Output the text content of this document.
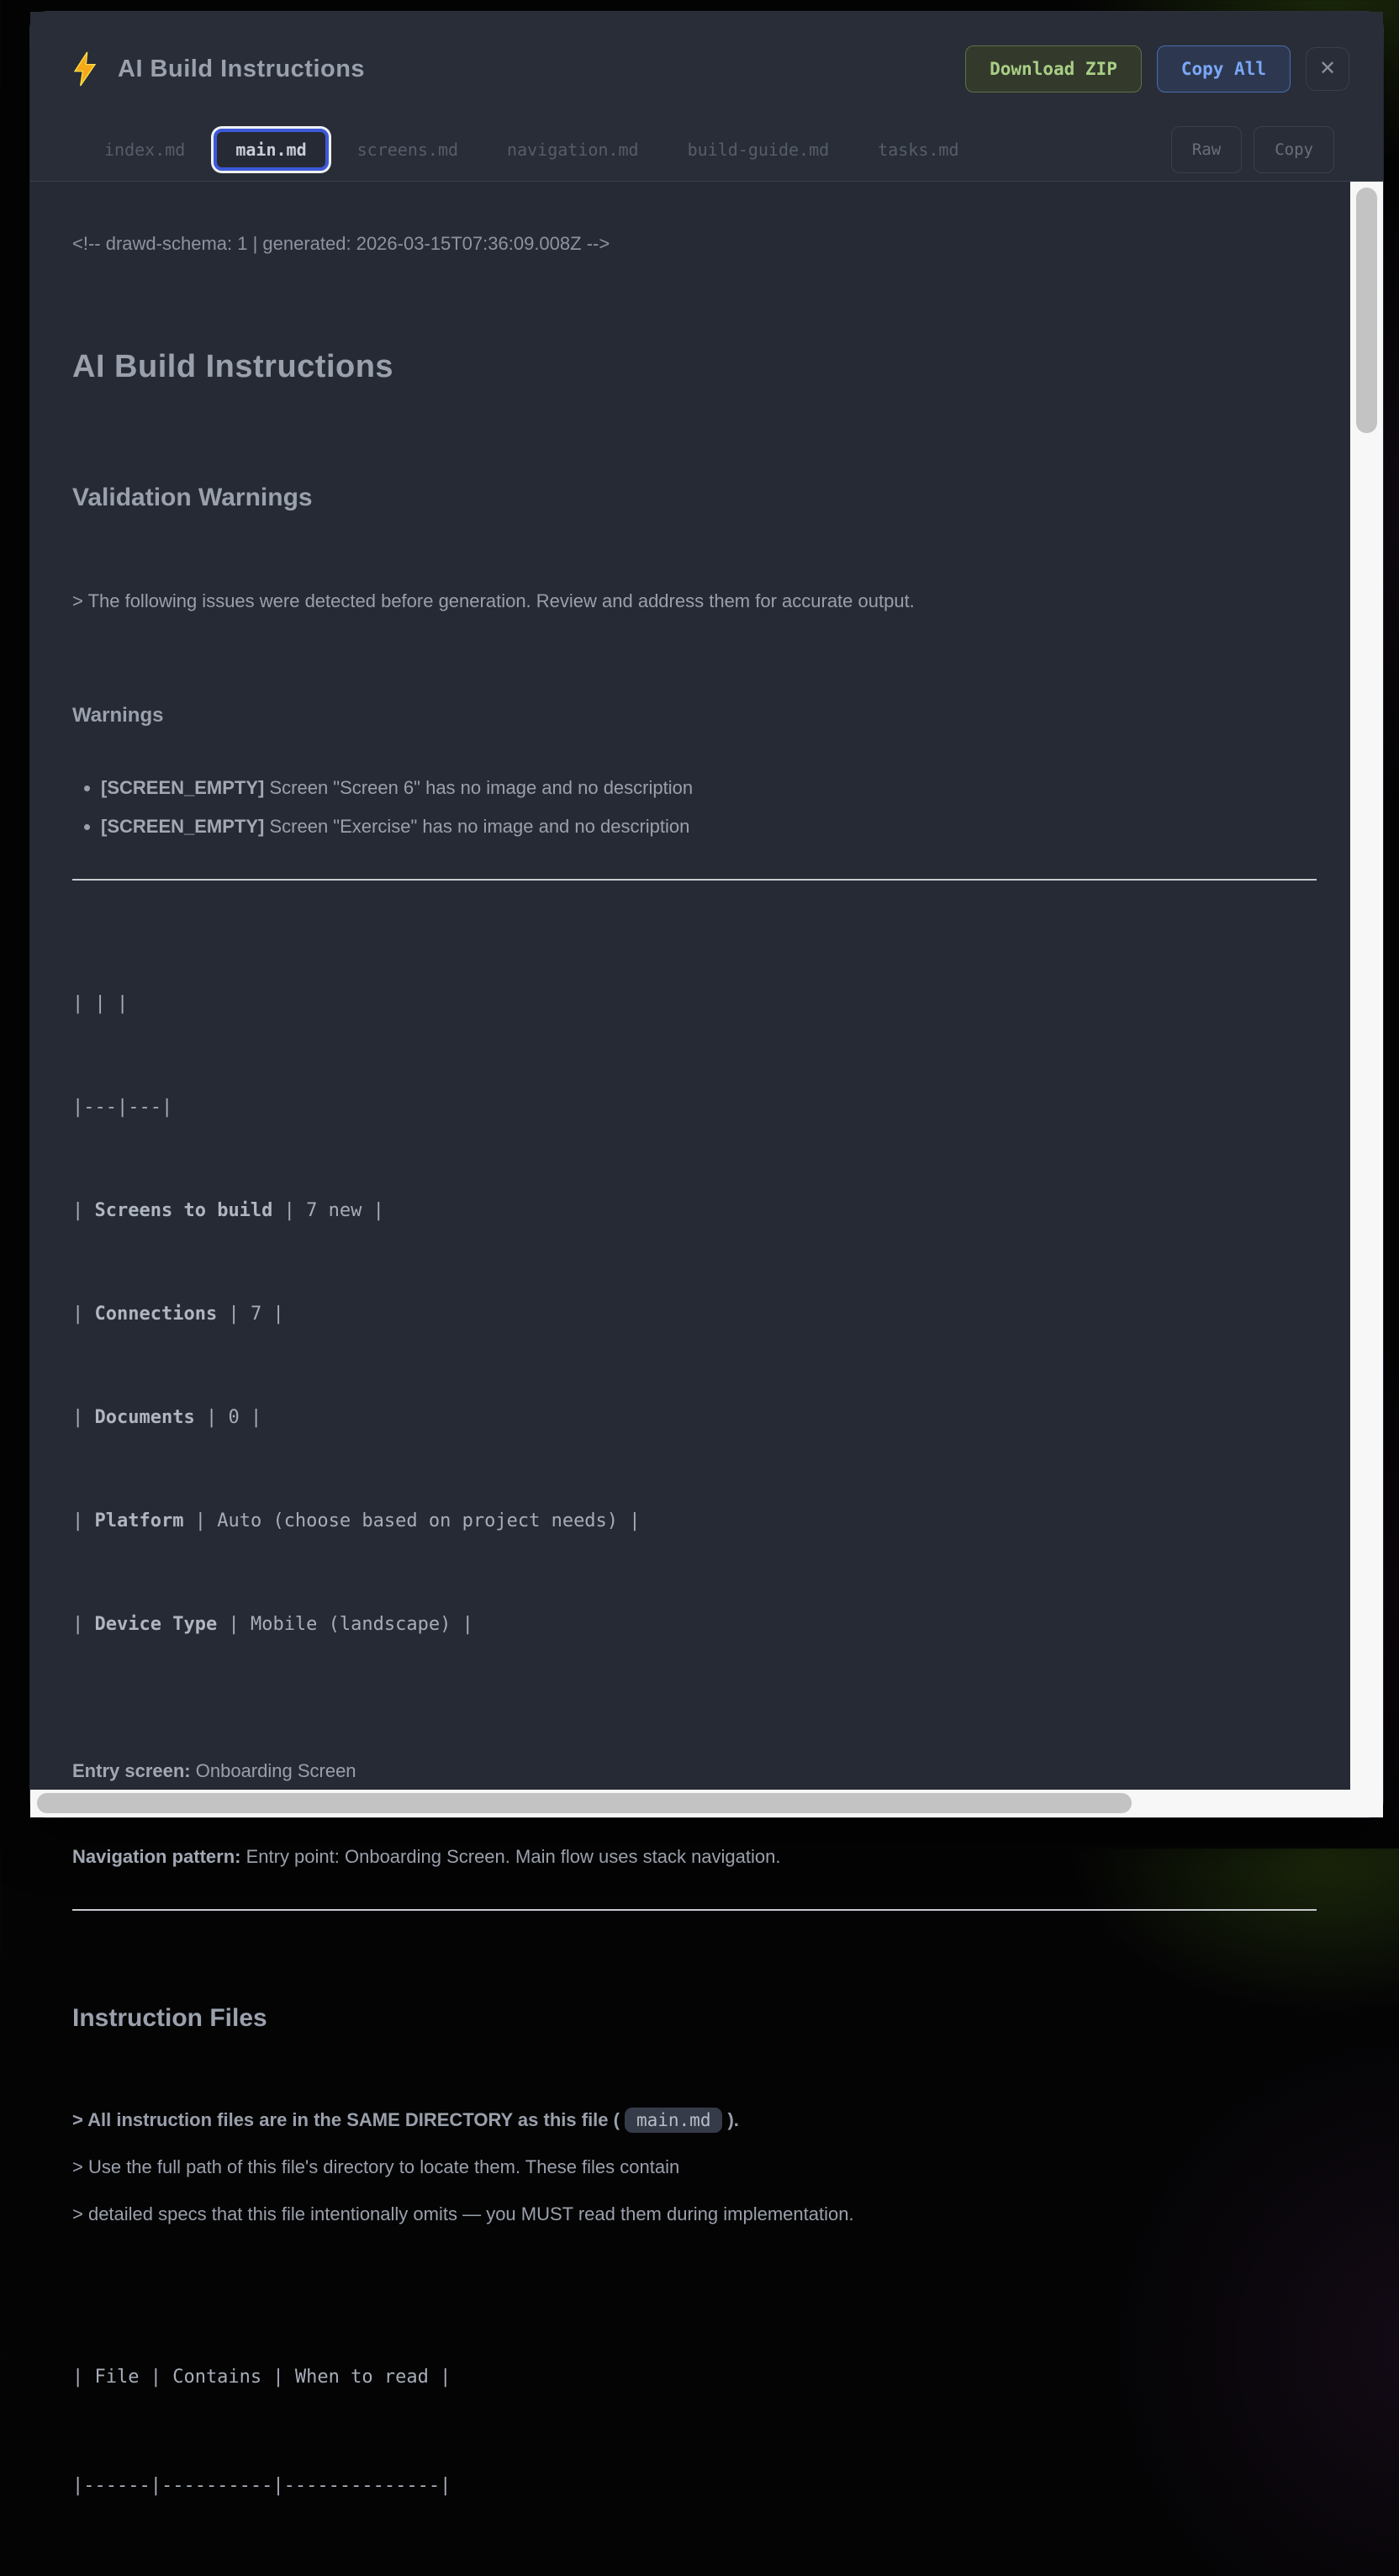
AI Build Instructions	Download ZIP	Copy All	✕
index.md	main.md	screens.md	navigation.md	build-guide.md	tasks.md	Raw	Copy
<!-- drawd-schema: 1 | generated: 2026-03-15T07:36:09.008Z -->
AI Build Instructions
Validation Warnings
> The following issues were detected before generation. Review and address them for accurate output.
Warnings
• [SCREEN_EMPTY] Screen "Screen 6" has no image and no description
• [SCREEN_EMPTY] Screen "Exercise" has no image and no description

| | |

|---|---|

| Screens to build | 7 new |

| Connections | 7 |

| Documents | 0 |

| Platform | Auto (choose based on project needs) |

| Device Type | Mobile (landscape) |

Entry screen: Onboarding Screen
Navigation pattern: Entry point: Onboarding Screen. Main flow uses stack navigation.
Instruction Files
> All instruction files are in the SAME DIRECTORY as this file ( main.md ).
> Use the full path of this file's directory to locate them. These files contain
> detailed specs that this file intentionally omits — you MUST read them during implementation.

| File | Contains | When to read |

|------|----------|--------------|
